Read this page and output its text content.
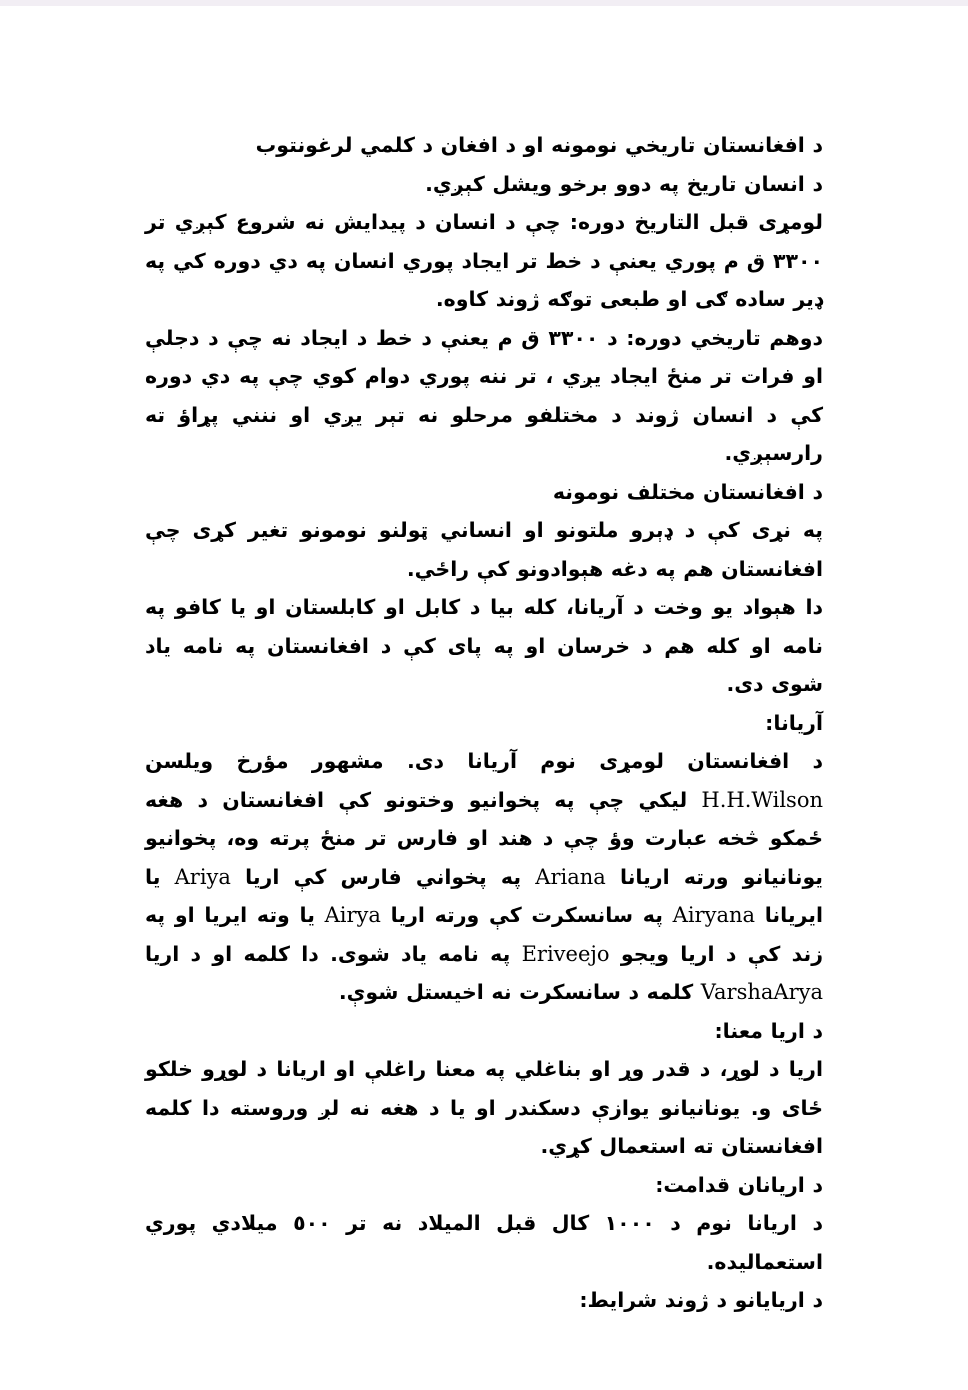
د افغانستان تاريخي نومونه او د افغان د کلمي لرغونتوب

د انسان تاريخ په دوو برخو ويشل کېږي.

لومړی قبل التاريخ دوره: چې د انسان د پيدايش نه شروع کېږي تر ٣٣٠٠ ق م پوري يعنې د خط تر ايجاد پوري انسان په دي دوره کي په ډير ساده ګی او طبعی توګه ژوند کاوه.

دوهم تاريخي دوره: د ٣٣٠٠ ق م يعنې د خط د ايجاد نه چې د دجلې او فرات تر منځ ايجاد يږي ، تر ننه پوري دوام کوي چې په دي دوره کې د انسان ژوند د مختلفو مرحلو نه تېر يږي او ننني پړاؤ ته رارسېږي.

د افغانستان مختلف نومونه

په نړی کې د ډېرو ملتونو او انساني ټولنو نومونو تغير کړی چې افغانستان هم په دغه هېوادونو کې راځي.

دا هېواد يو وخت د آريانا، کله بيا د کابل او کابلستان او يا کافو په نامه او کله هم د خرسان او په پای کې د افغانستان په نامه ياد شوی دی.

آريانا:

د افغانستان لومړی نوم آريانا دی. مشهور مؤرخ ويلسن H.H.Wilson ليکي چې په پخوانيو وختونو کې افغانستان د هغه ځمکو څخه عبارت وؤ چې د هند او فارس تر منځ پرته وه، پخوانيو يونانيانو ورته اريانا Ariana په پخواني فارس کې اريا Ariya يا ايريانا Airyana په سانسکرت کې ورته اريا Airya يا وته ايريا او په زند کې د اريا ويجو Eriveejo په نامه ياد شوی. دا کلمه او د اريا VarshaArya کلمه د سانسکرت نه اخيستل شوې.

د اريا معنا:

اريا د لوړ، د قدر وړ او بناغلي په معنا راغلې او اريانا د لوړو خلکو ځای و. يونانيانو يوازې دسکندر او يا د هغه نه لږ وروسته دا کلمه افغانستان ته استعمال کړي.

د اريانان قدامت:

د اريانا نوم د ١٠٠٠ کال قبل الميلاد نه تر ٥٠٠ ميلادي پوري استعماليده.

د اريايانو د ژوند شرايط:
